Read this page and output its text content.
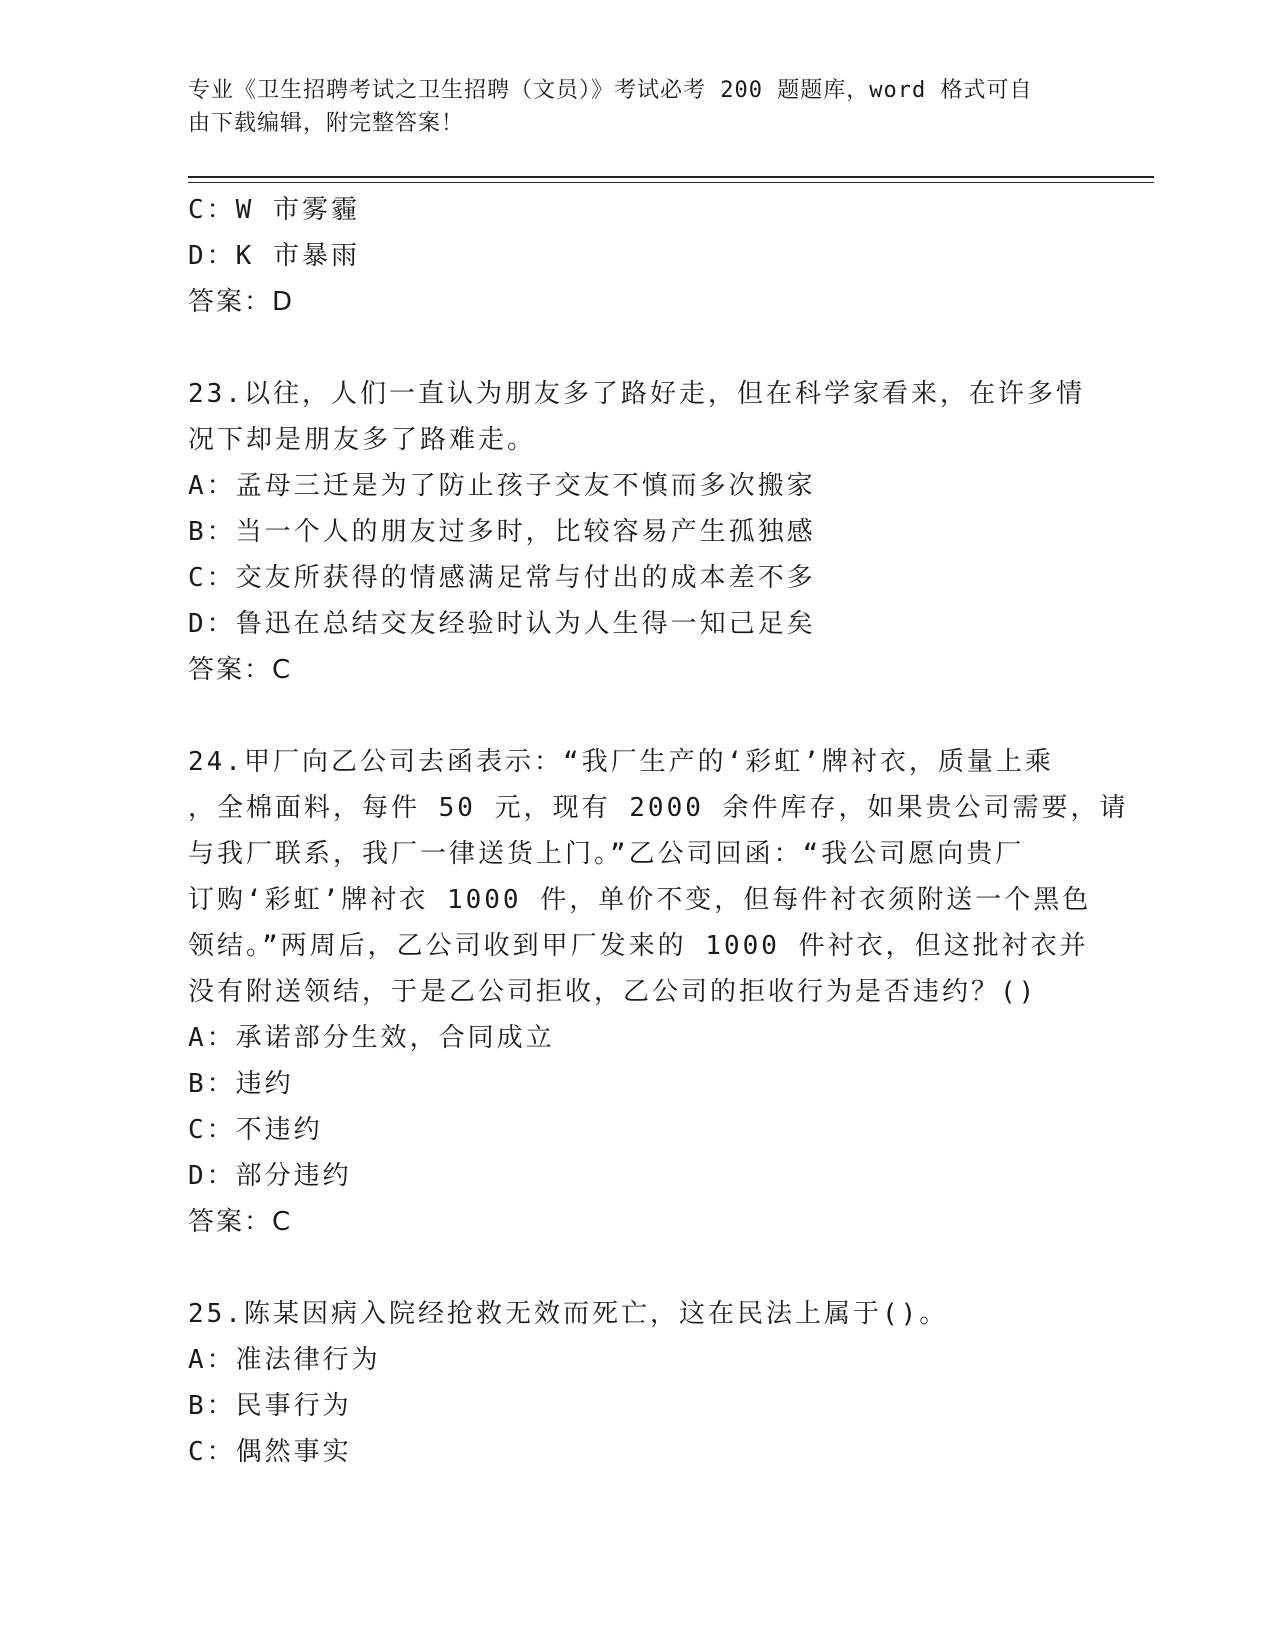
专业《卫生招聘考试之卫生招聘（文员）》考试必考 200 题题库，word 格式可自
由下载编辑，附完整答案！
C：W 市雾霾
D：K 市暴雨
答案：D
23.以往，人们一直认为朋友多了路好走，但在科学家看来，在许多情
况下却是朋友多了路难走。
A：孟母三迁是为了防止孩子交友不慎而多次搬家
B：当一个人的朋友过多时，比较容易产生孤独感
C：交友所获得的情感满足常与付出的成本差不多
D：鲁迅在总结交友经验时认为人生得一知己足矣
答案：C
24.甲厂向乙公司去函表示：“我厂生产的‘彩虹’牌衬衣，质量上乘
，全棉面料，每件 50 元，现有 2000 余件库存，如果贵公司需要，请
与我厂联系，我厂一律送货上门。”乙公司回函：“我公司愿向贵厂
订购‘彩虹’牌衬衣 1000 件，单价不变，但每件衬衣须附送一个黑色
领结。”两周后，乙公司收到甲厂发来的 1000 件衬衣，但这批衬衣并
没有附送领结，于是乙公司拒收，乙公司的拒收行为是否违约？()
A：承诺部分生效，合同成立
B：违约
C：不违约
D：部分违约
答案：C
25.陈某因病入院经抢救无效而死亡，这在民法上属于()。
A：准法律行为
B：民事行为
C：偶然事实
